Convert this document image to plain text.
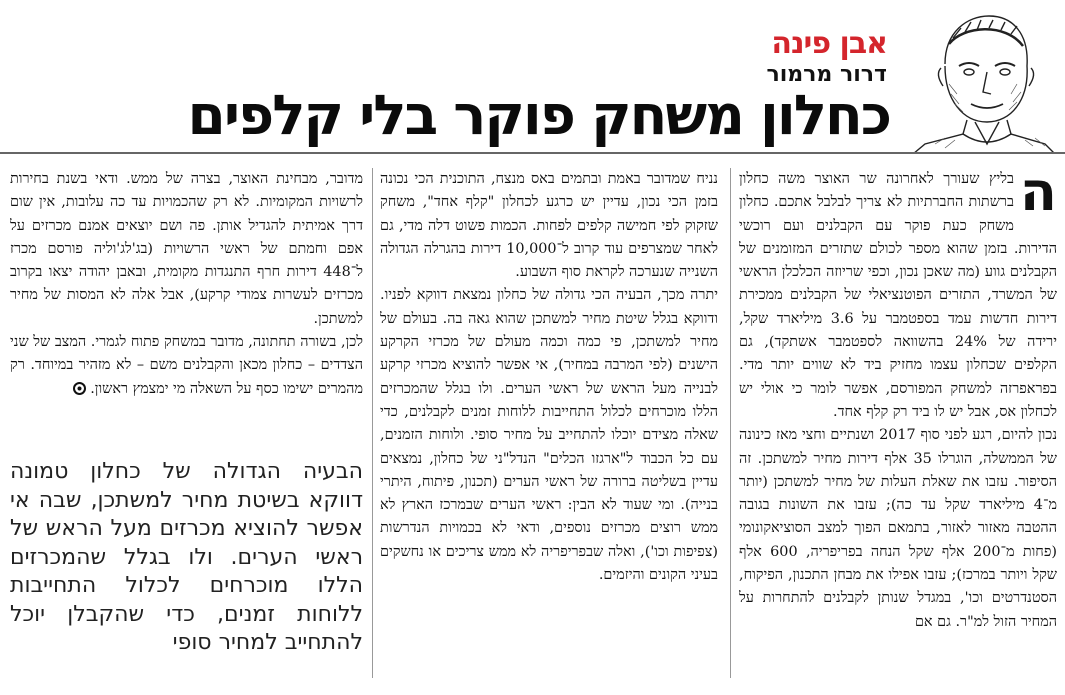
אבן פינה
דרור מרמור
כחלון משחק פוקר בלי קלפים
ה

בליץ שעורך לאחרונה שר האוצר משה כחלון ברשתות החברתיות לא צריך לבלבל אתכם. כחלון משחק כעת פוקר עם הקבלנים ועם רוכשי הדירות. בזמן שהוא מספר לכולם שתזרים המזומנים של הקבלנים גווע (מה שאכן נכון, וכפי שריוזה הכלכלן הראשי של המשרד, התזרים הפוטנציאלי של הקבלנים ממכירת דירות חדשות עמד בספטמבר על 3.6 מיליארד שקל, ירידה של 24% בהשוואה לספטמבר אשתקד), גם הקלפים שכחלון עצמו מחזיק ביד לא שווים יותר מדי. בפראפרזה למשחק המפורסם, אפשר לומר כי אולי יש לכחלון אס, אבל יש לו ביד רק קלף אחד.

נכון להיום, רגע לפני סוף 2017 ושנתיים וחצי מאז כינונה של הממשלה, הוגרלו 35 אלף דירות מחיר למשתכן. זה הסיפור. עזבו את שאלת העלות של מחיר למשתכן (יותר מ־4 מיליארד שקל עד כה); עזבו את השונות בגובה ההטבה מאזור לאזור, בתמאם הפוך למצב הסוציאקונומי (פחות מ־200 אלף שקל הנחה בפריפריה, 600 אלף שקל ויותר במרכז); עזבו אפילו את מבחן התכנון, הפיקוח, הסטנדרטים וכו', במגדל שנותן לקבלנים להתחרות על המחיר הזול למ"ר. גם אם

נניח שמדובר באמת ובתמים באס מנצח, התוכנית הכי נכונה בזמן הכי נכון, עדיין יש כרגע לכחלון "קלף אחד", משחק שזקוק לפי חמישה קלפים לפחות. הכמות פשוט דלה מדי, גם לאחר שמצרפים עוד קרוב ל־10,000 דירות בהגרלה הגדולה השנייה שנערכה לקראת סוף השבוע.

יתרה מכך, הבעיה הכי גדולה של כחלון נמצאת דווקא לפניו. ודווקא בגלל שיטת מחיר למשתכן שהוא גאה בה. בעולם של מחיר למשתכן, פי כמה וכמה מעולם של מכרזי הקרקע הישנים (לפי המרבה במחיר), אי אפשר להוציא מכרזי קרקע לבנייה מעל הראש של ראשי הערים. ולו בגלל שהמכרזים הללו מוכרחים לכלול התחייבות ללוחות זמנים לקבלנים, כדי שאלה מצידם יוכלו להתחייב על מחיר סופי. ולוחות הזמנים, עם כל הכבוד ל"ארגזו הכלים" הנדל"ני של כחלון, נמצאים עדיין בשליטה ברורה של ראשי הערים (תכנון, פיתוח, היתרי בנייה). ומי שעוד לא הבין: ראשי הערים שבמרכז הארץ לא ממש רוצים מכרזים נוספים, ודאי לא בכמויות הנדרשות (צפיפות וכו'), ואלה שבפריפריה לא ממש צריכים או נחשקים בעיני הקונים והיזמים.

מדובר, מבחינת האוצר, בצרה של ממש. ודאי בשנת בחירות לרשויות המקומיות. לא רק שהכמויות עד כה עלובות, אין שום דרך אמיתית להגדיל אותן. פה ושם יוצאים אמנם מכרזים על אפם וחמתם של ראשי הרשויות (בג'לג'וליה פורסם מכרז ל־448 דירות חרף התנגדות מקומית, ובאבן יהודה יצאו בקרוב מכרזים לעשרות צמודי קרקע), אבל אלה לא המסות של מחיר למשתכן.

לכן, בשורה תחתונה, מדובר במשחק פתוח לגמרי. המצב של שני הצדדים – כחלון מכאן והקבלנים משם – לא מזהיר במיוחד. רק מהמרים ישימו כסף על השאלה מי ימצמץ ראשון.

הבעיה הגדולה של כחלון טמונה דווקא בשיטת מחיר למשתכן, שבה אי אפשר להוציא מכרזים מעל הראש של ראשי הערים. ולו בגלל שהמכרזים הללו מוכרחים לכלול התחייבות ללוחות זמנים, כדי שהקבלן יוכל להתחייב למחיר סופי
